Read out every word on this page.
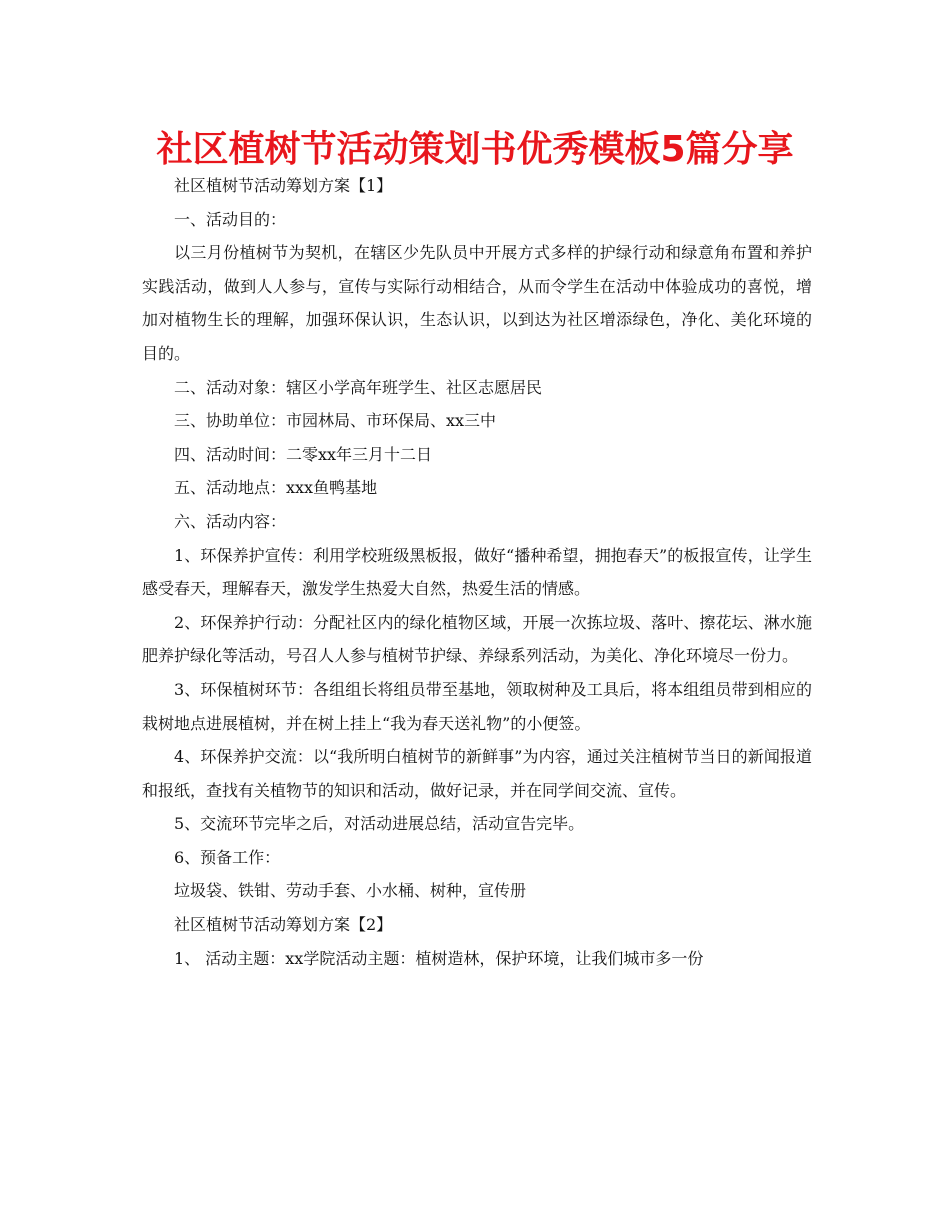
社区植树节活动策划书优秀模板5篇分享

社区植树节活动筹划方案【1】

一、活动目的：

以三月份植树节为契机，在辖区少先队员中开展方式多样的护绿行动和绿意角布置和养护实践活动，做到人人参与，宣传与实际行动相结合，从而令学生在活动中体验成功的喜悦，增加对植物生长的理解，加强环保认识，生态认识，以到达为社区增添绿色，净化、美化环境的目的。

二、活动对象：辖区小学高年班学生、社区志愿居民

三、协助单位：市园林局、市环保局、xx三中

四、活动时间：二零xx年三月十二日

五、活动地点：xxx鱼鸭基地

六、活动内容：

1、环保养护宣传：利用学校班级黑板报，做好“播种希望，拥抱春天”的板报宣传，让学生感受春天，理解春天，激发学生热爱大自然，热爱生活的情感。

2、环保养护行动：分配社区内的绿化植物区域，开展一次拣垃圾、落叶、擦花坛、淋水施肥养护绿化等活动，号召人人参与植树节护绿、养绿系列活动，为美化、净化环境尽一份力。

3、环保植树环节：各组组长将组员带至基地，领取树种及工具后，将本组组员带到相应的栽树地点进展植树，并在树上挂上“我为春天送礼物”的小便签。

4、环保养护交流：以“我所明白植树节的新鲜事”为内容，通过关注植树节当日的新闻报道和报纸，查找有关植物节的知识和活动，做好记录，并在同学间交流、宣传。

5、交流环节完毕之后，对活动进展总结，活动宣告完毕。

6、预备工作：

垃圾袋、铁钳、劳动手套、小水桶、树种，宣传册

社区植树节活动筹划方案【2】

1、 活动主题：xx学院活动主题：植树造林，保护环境，让我们城市多一份
